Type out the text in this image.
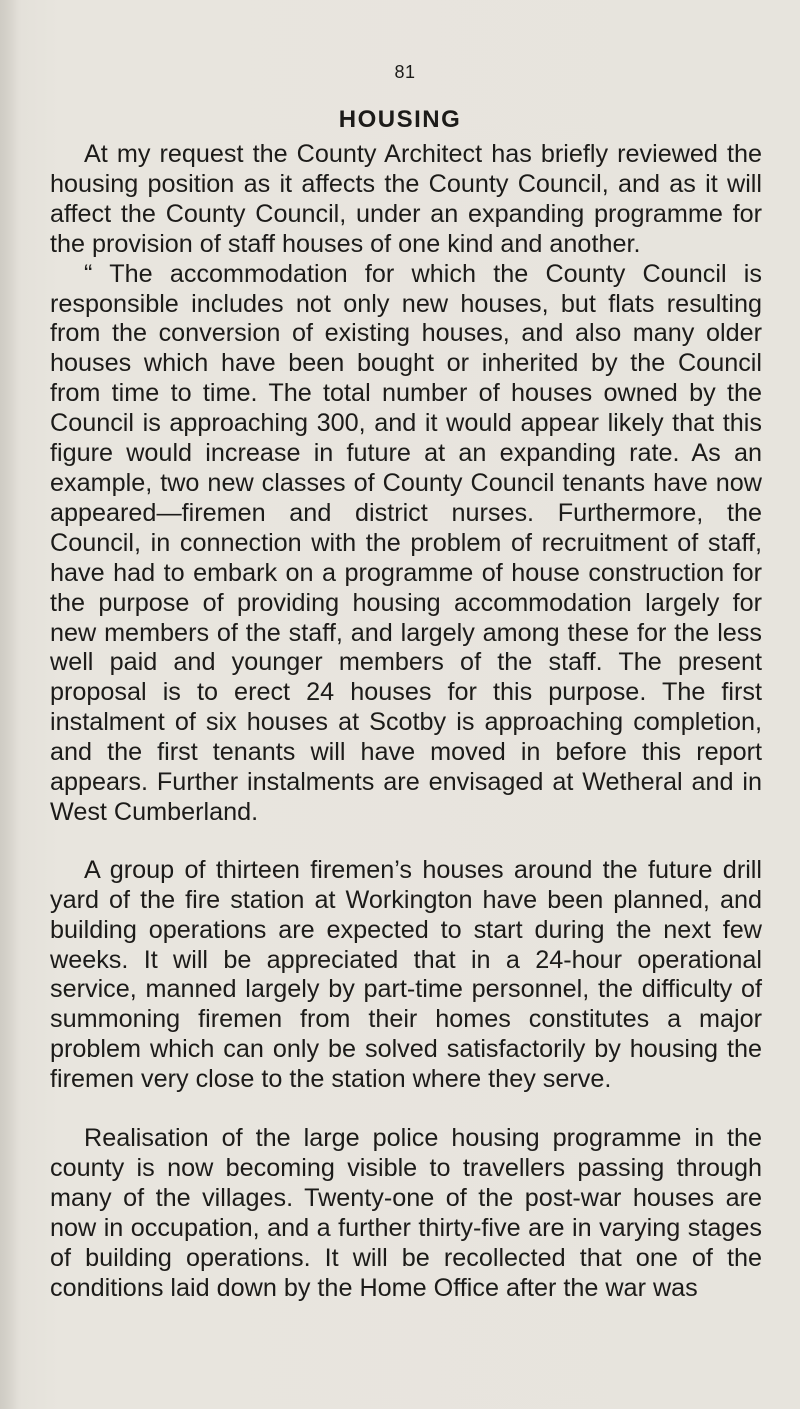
81
HOUSING

At my request the County Architect has briefly reviewed the housing position as it affects the County Council, and as it will affect the County Council, under an expanding programme for the provision of staff houses of one kind and another.

“ The accommodation for which the County Council is responsible includes not only new houses, but flats resulting from the conversion of existing houses, and also many older houses which have been bought or inherited by the Council from time to time. The total number of houses owned by the Council is approaching 300, and it would appear likely that this figure would increase in future at an expanding rate. As an example, two new classes of County Council tenants have now appeared—firemen and district nurses. Furthermore, the Council, in connection with the problem of recruitment of staff, have had to embark on a programme of house construction for the purpose of providing housing accommodation largely for new members of the staff, and largely among these for the less well paid and younger members of the staff. The present proposal is to erect 24 houses for this purpose. The first instalment of six houses at Scotby is approaching completion, and the first tenants will have moved in before this report appears. Further instalments are envisaged at Wetheral and in West Cumberland.

A group of thirteen firemen’s houses around the future drill yard of the fire station at Workington have been planned, and building operations are expected to start during the next few weeks. It will be appreciated that in a 24-hour operational service, manned largely by part-time personnel, the difficulty of summoning firemen from their homes constitutes a major problem which can only be solved satisfactorily by housing the firemen very close to the station where they serve.

Realisation of the large police housing programme in the county is now becoming visible to travellers passing through many of the villages. Twenty-one of the post-war houses are now in occupation, and a further thirty-five are in varying stages of building operations. It will be recollected that one of the conditions laid down by the Home Office after the war was
